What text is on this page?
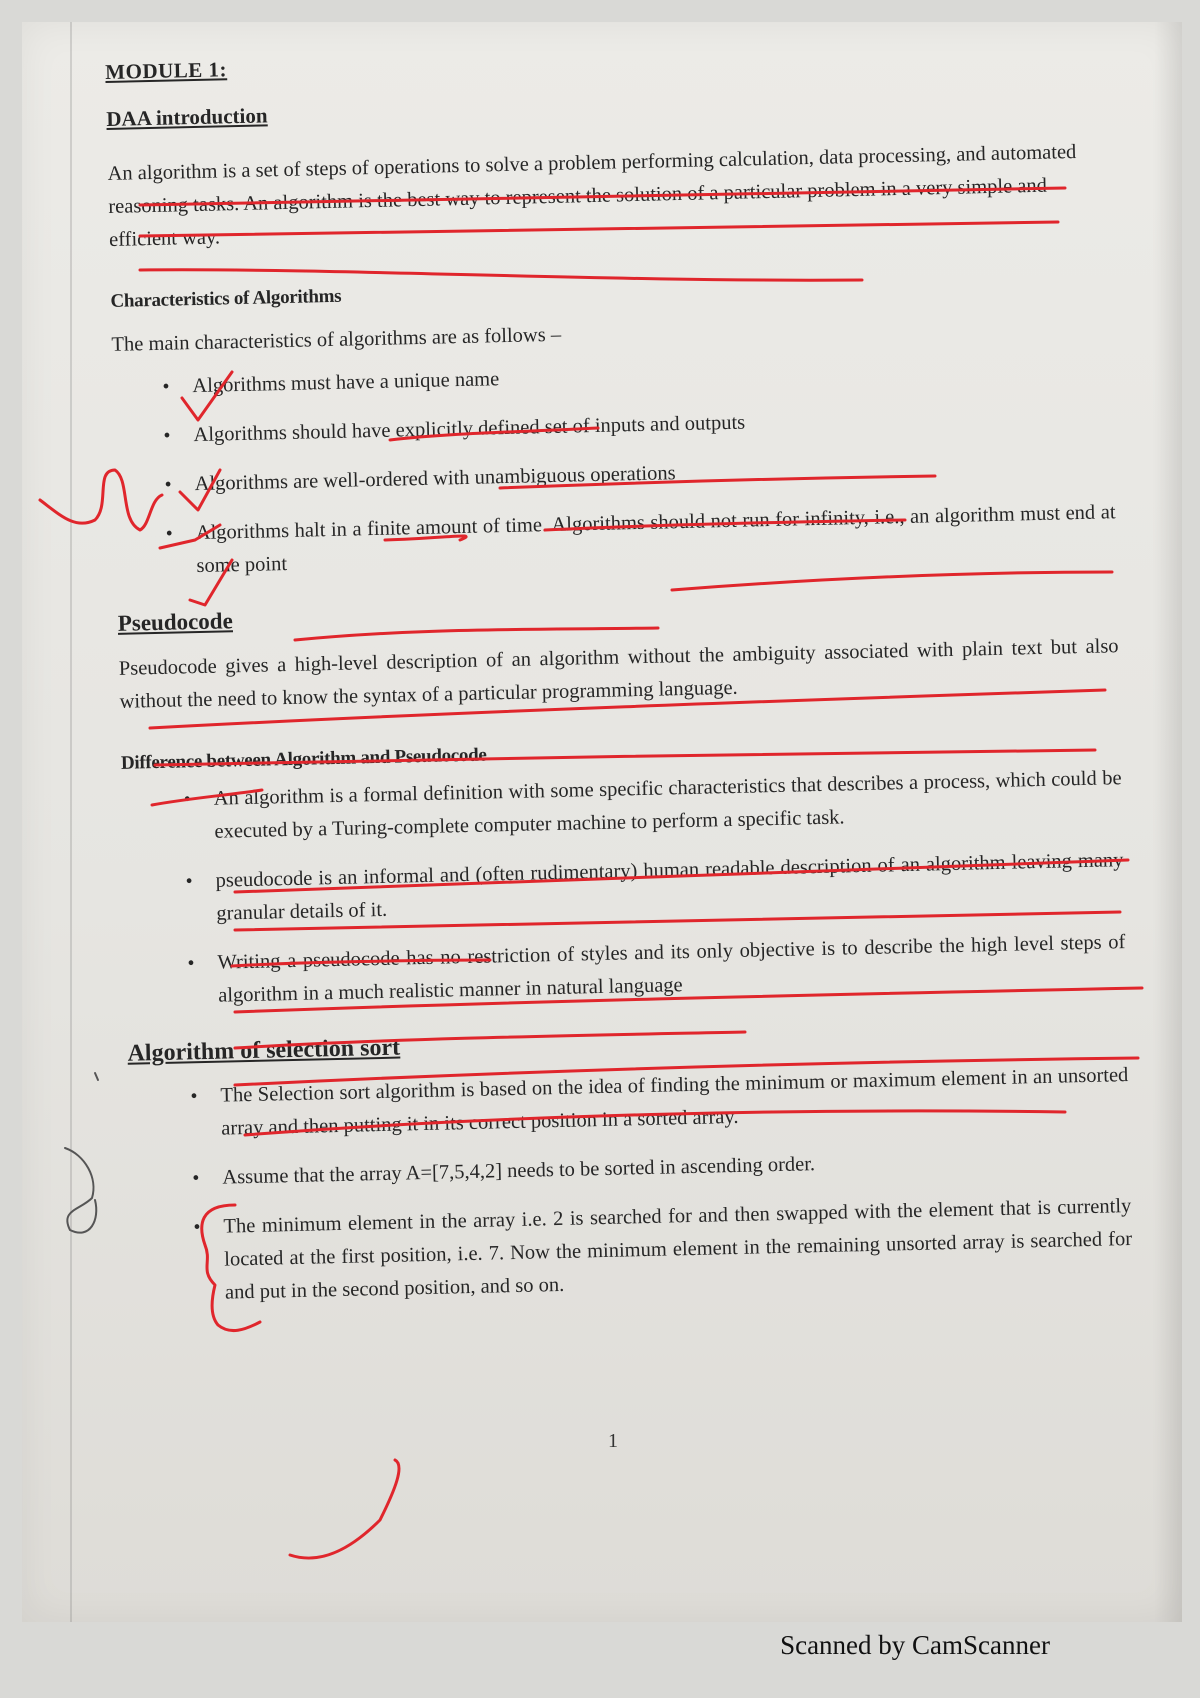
MODULE 1:
DAA introduction

An algorithm is a set of steps of operations to solve a problem performing calculation, data processing, and automated reasoning tasks. An algorithm is the best way to represent the solution of a particular problem in a very simple and efficient way.

Characteristics of Algorithms

The main characteristics of algorithms are as follows –

• Algorithms must have a unique name
• Algorithms should have explicitly defined set of inputs and outputs
• Algorithms are well-ordered with unambiguous operations
• Algorithms halt in a finite amount of time. Algorithms should not run for infinity, i.e., an algorithm must end at some point
Pseudocode

Pseudocode gives a high-level description of an algorithm without the ambiguity associated with plain text but also without the need to know the syntax of a particular programming language.

Difference between Algorithm and Pseudocode
• An algorithm is a formal definition with some specific characteristics that describes a process, which could be executed by a Turing-complete computer machine to perform a specific task.
• pseudocode is an informal and (often rudimentary) human readable description of an algorithm leaving many granular details of it.
• Writing a pseudocode has no restriction of styles and its only objective is to describe the high level steps of algorithm in a much realistic manner in natural language
Algorithm of selection sort
• The Selection sort algorithm is based on the idea of finding the minimum or maximum element in an unsorted array and then putting it in its correct position in a sorted array.
• Assume that the array A=[7,5,4,2] needs to be sorted in ascending order.
• The minimum element in the array i.e. 2 is searched for and then swapped with the element that is currently located at the first position, i.e. 7. Now the minimum element in the remaining unsorted array is searched for and put in the second position, and so on.
1
Scanned by CamScanner
